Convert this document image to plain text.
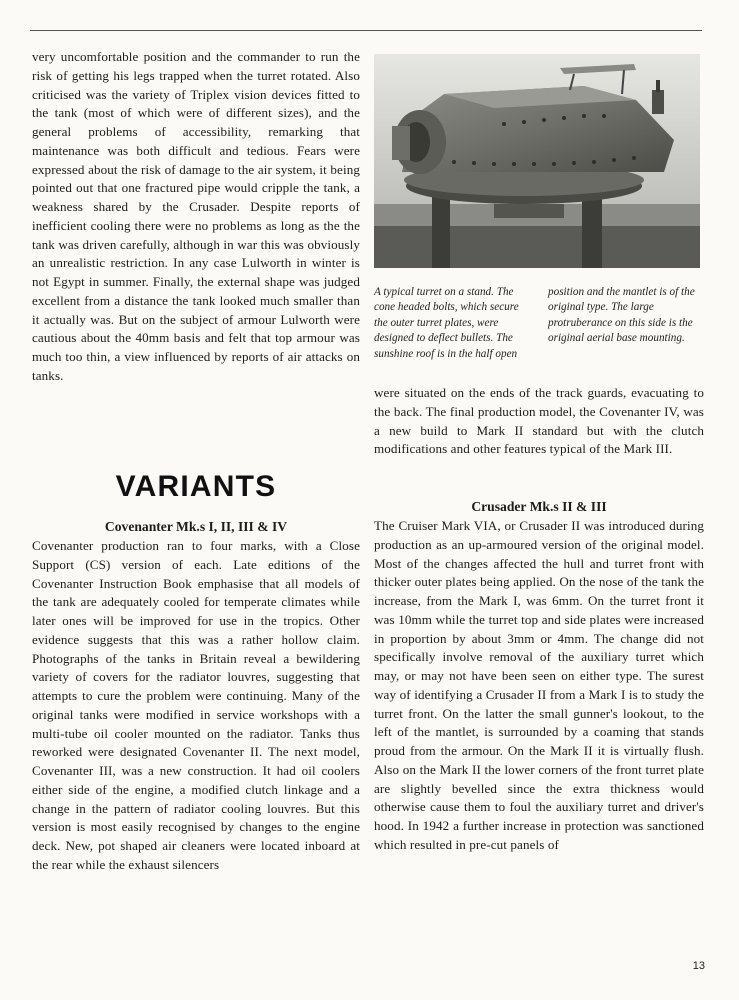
very uncomfortable position and the commander to run the risk of getting his legs trapped when the turret rotated. Also criticised was the variety of Triplex vision devices fitted to the tank (most of which were of different sizes), and the general problems of accessibility, remarking that maintenance was both difficult and tedious. Fears were expressed about the risk of damage to the air system, it being pointed out that one fractured pipe would cripple the tank, a weakness shared by the Crusader. Despite reports of inefficient cooling there were no problems as long as the the tank was driven carefully, although in war this was obviously an unrealistic restriction. In any case Lulworth in winter is not Egypt in summer. Finally, the external shape was judged excellent from a distance the tank looked much smaller than it actually was. But on the subject of armour Lulworth were cautious about the 40mm basis and felt that top armour was much too thin, a view influenced by reports of air attacks on tanks.

A typical turret on a stand. The cone headed bolts, which secure the outer turret plates, were designed to deflect bullets. The sunshine roof is in the half open
position and the mantlet is of the original type. The large protruberance on this side is the original aerial base mounting.

were situated on the ends of the track guards, evacuating to the back. The final production model, the Covenanter IV, was a new build to Mark II standard but with the clutch modifications and other features typical of the Mark III.

VARIANTS
Covenanter Mk.s I, II, III & IV

Covenanter production ran to four marks, with a Close Support (CS) version of each. Late editions of the Covenanter Instruction Book emphasise that all models of the tank are adequately cooled for temperate climates while later ones will be improved for use in the tropics. Other evidence suggests that this was a rather hollow claim. Photographs of the tanks in Britain reveal a bewildering variety of covers for the radiator louvres, suggesting that attempts to cure the problem were continuing. Many of the original tanks were modified in service workshops with a multi-tube oil cooler mounted on the radiator. Tanks thus reworked were designated Covenanter II. The next model, Covenanter III, was a new construction. It had oil coolers either side of the engine, a modified clutch linkage and a change in the pattern of radiator cooling louvres. But this version is most easily recognised by changes to the engine deck. New, pot shaped air cleaners were located inboard at the rear while the exhaust silencers

Crusader Mk.s II & III

The Cruiser Mark VIA, or Crusader II was introduced during production as an up-armoured version of the original model. Most of the changes affected the hull and turret front with thicker outer plates being applied. On the nose of the tank the increase, from the Mark I, was 6mm. On the turret front it was 10mm while the turret top and side plates were increased in proportion by about 3mm or 4mm. The change did not specifically involve removal of the auxiliary turret which may, or may not have been seen on either type. The surest way of identifying a Crusader II from a Mark I is to study the turret front. On the latter the small gunner's lookout, to the left of the mantlet, is surrounded by a coaming that stands proud from the armour. On the Mark II it is virtually flush. Also on the Mark II the lower corners of the front turret plate are slightly bevelled since the extra thickness would otherwise cause them to foul the auxiliary turret and driver's hood. In 1942 a further increase in protection was sanctioned which resulted in pre-cut panels of

13
